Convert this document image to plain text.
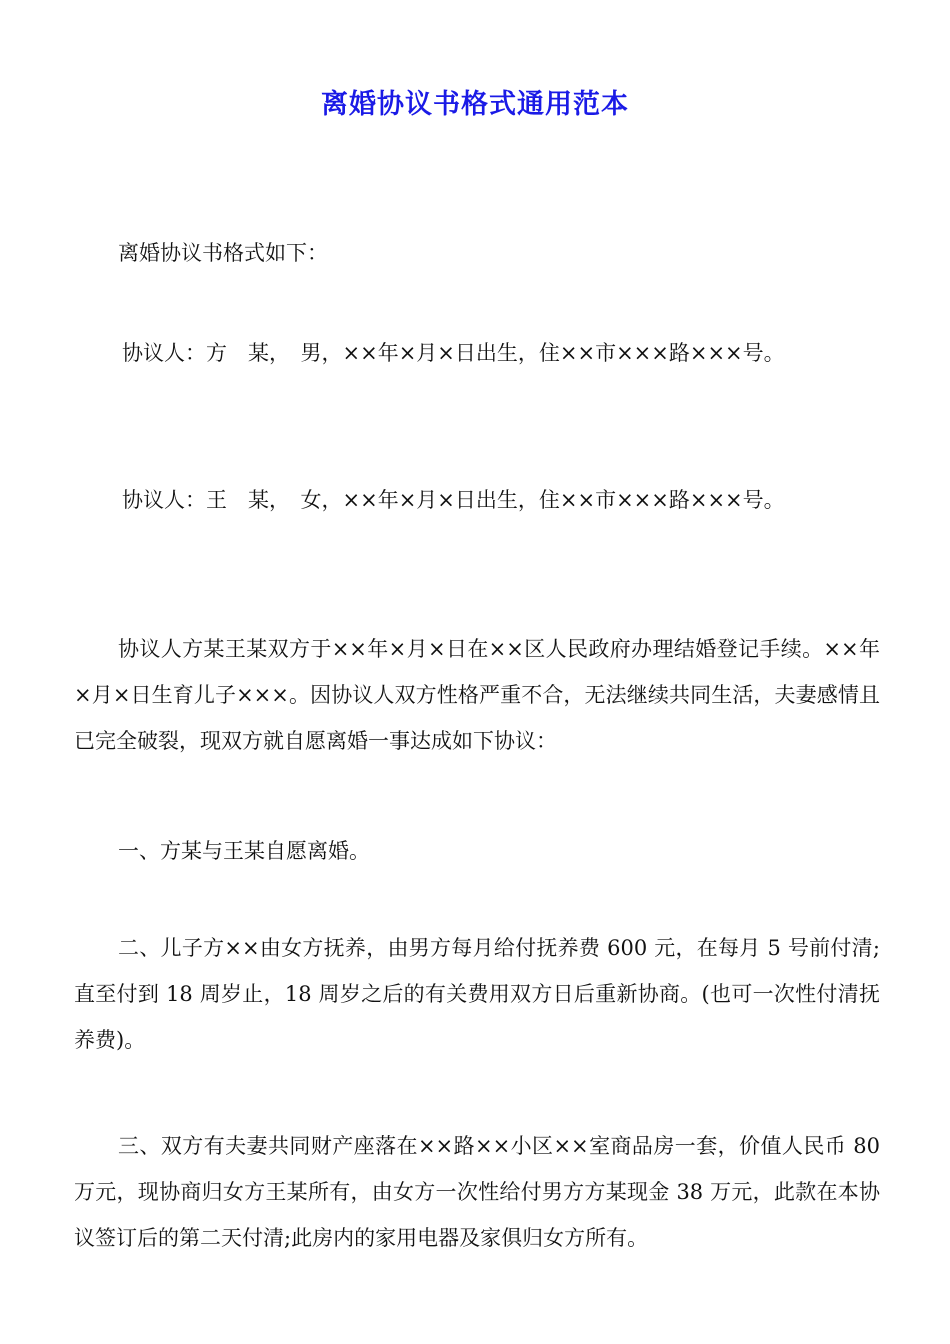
离婚协议书格式通用范本
离婚协议书格式如下：
协议人：方　某，　男，××年×月×日出生，住××市×××路×××号。
协议人：王　某，　女，××年×月×日出生，住××市×××路×××号。
协议人方某王某双方于××年×月×日在××区人民政府办理结婚登记手续。××年×月×日生育儿子×××。因协议人双方性格严重不合，无法继续共同生活，夫妻感情且已完全破裂，现双方就自愿离婚一事达成如下协议：
一、方某与王某自愿离婚。
二、儿子方××由女方抚养，由男方每月给付抚养费 600 元，在每月 5 号前付清;直至付到 18 周岁止，18 周岁之后的有关费用双方日后重新协商。(也可一次性付清抚养费)。
三、双方有夫妻共同财产座落在××路××小区××室商品房一套，价值人民币 80 万元，现协商归女方王某所有，由女方一次性给付男方方某现金 38 万元，此款在本协议签订后的第二天付清;此房内的家用电器及家俱归女方所有。
